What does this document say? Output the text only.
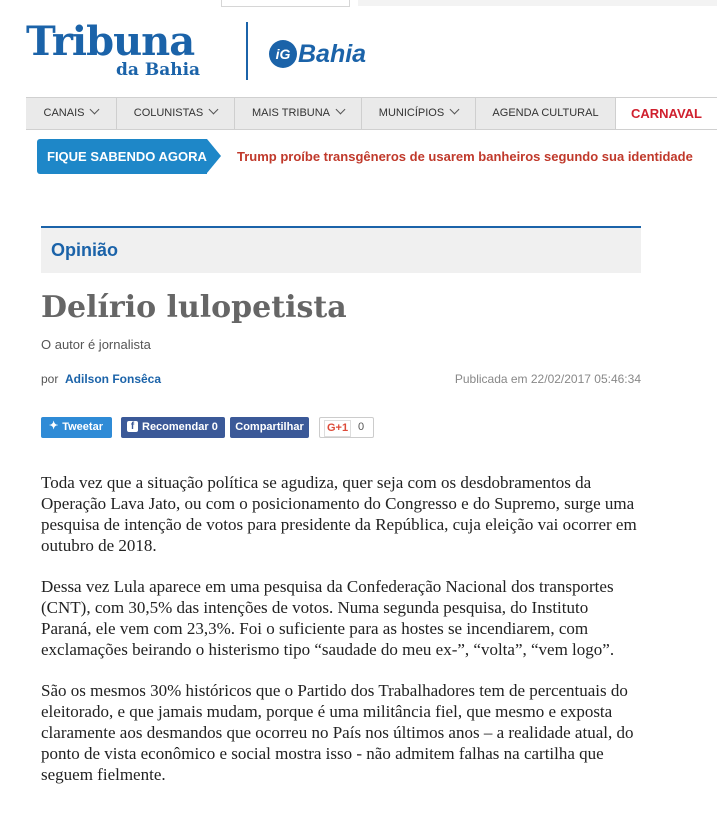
Tribuna
da Bahia
iG Bahia
CANAIS	COLUNISTAS	MAIS TRIBUNA	MUNICÍPIOS	AGENDA CULTURAL	CARNAVAL
FIQUE SABENDO AGORA Trump proíbe transgêneros de usarem banheiros segundo sua identidade
Opinião
Delírio lulopetista
O autor é jornalista
por Adilson Fonsêca	Publicada em 22/02/2017 05:46:34
✦ Tweetar	f Recomendar 0	Compartilhar	G+1 0

Toda vez que a situação política se agudiza, quer seja com os desdobramentos da Operação Lava Jato, ou com o posicionamento do Congresso e do Supremo, surge uma pesquisa de intenção de votos para presidente da República, cuja eleição vai ocorrer em outubro de 2018.

Dessa vez Lula aparece em uma pesquisa da Confederação Nacional dos transportes (CNT), com 30,5% das intenções de votos. Numa segunda pesquisa, do Instituto Paraná, ele vem com 23,3%. Foi o suficiente para as hostes se incendiarem, com exclamações beirando o histerismo tipo “saudade do meu ex-”, “volta”, “vem logo”.

São os mesmos 30% históricos que o Partido dos Trabalhadores tem de percentuais do eleitorado, e que jamais mudam, porque é uma militância fiel, que mesmo e exposta claramente aos desmandos que ocorreu no País nos últimos anos – a realidade atual, do ponto de vista econômico e social mostra isso - não admitem falhas na cartilha que seguem fielmente.
